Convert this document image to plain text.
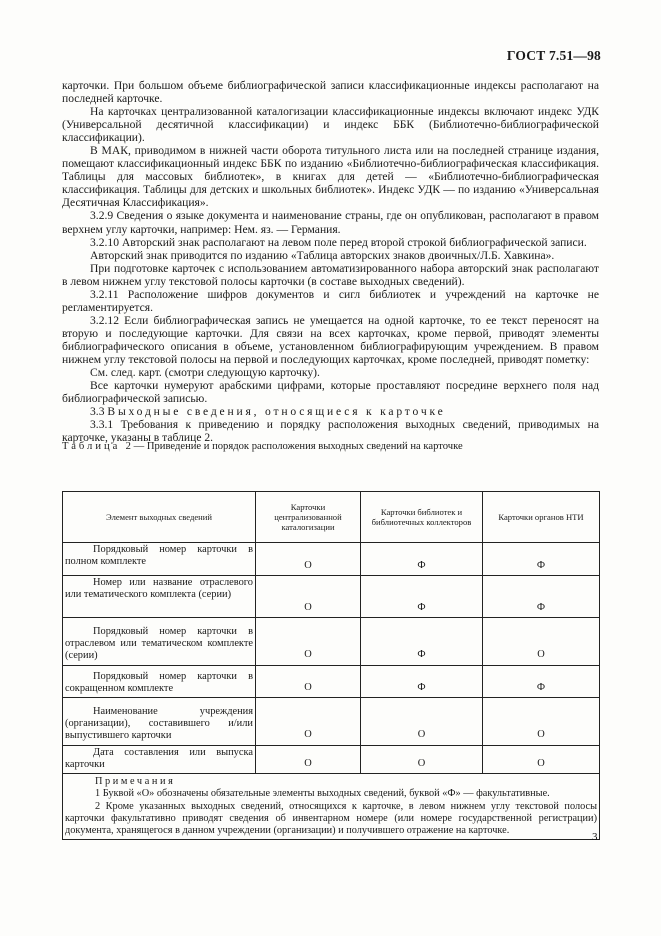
ГОСТ 7.51—98

карточки. При большом объеме библиографической записи классификационные индексы располагают на последней карточке.

На карточках централизованной каталогизации классификационные индексы включают индекс УДК (Универсальной десятичной классификации) и индекс ББК (Библиотечно-библиографической классификации).

В МАК, приводимом в нижней части оборота титульного листа или на последней странице издания, помещают классификационный индекс ББК по изданию «Библиотечно-библиографическая классификация. Таблицы для массовых библиотек», в книгах для детей — «Библиотечно-библиографическая классификация. Таблицы для детских и школьных библиотек». Индекс УДК — по изданию «Универсальная Десятичная Классификация».

3.2.9 Сведения о языке документа и наименование страны, где он опубликован, располагают в правом верхнем углу карточки, например: Нем. яз. — Германия.

3.2.10 Авторский знак располагают на левом поле перед второй строкой библиографической записи.

Авторский знак приводится по изданию «Таблица авторских знаков двоичных/Л.Б. Хавкина».

При подготовке карточек с использованием автоматизированного набора авторский знак располагают в левом нижнем углу текстовой полосы карточки (в составе выходных сведений).

3.2.11 Расположение шифров документов и сигл библиотек и учреждений на карточке не регламентируется.

3.2.12 Если библиографическая запись не умещается на одной карточке, то ее текст переносят на вторую и последующие карточки. Для связи на всех карточках, кроме первой, приводят элементы библиографического описания в объеме, установленном библиографирующим учреждением. В правом нижнем углу текстовой полосы на первой и последующих карточках, кроме последней, приводят пометку:

См. след. карт. (смотри следующую карточку).

Все карточки нумеруют арабскими цифрами, которые проставляют посредине верхнего поля над библиографической записью.

3.3 Выходные сведения, относящиеся к карточке

3.3.1 Требования к приведению и порядку расположения выходных сведений, приводимых на карточке, указаны в таблице 2.

Таблица 2 — Приведение и порядок расположения выходных сведений на карточке
Элемент выходных сведений	Карточки централизованной каталогизации	Карточки библиотек и библиотечных коллекторов	Карточки органов НТИ
Порядковый номер карточки в полном комплекте	О	Ф	Ф
Номер или название отраслевого или тематического комплекта (серии)	О	Ф	Ф
Порядковый номер карточки в отраслевом или тематическом комплекте (серии)	О	Ф	О
Порядковый номер карточки в сокращенном комплекте	О	Ф	Ф
Наименование учреждения (организации), составившего и/или выпустившего карточки	О	О	О
Дата составления или выпуска карточки	О	О	О

Примечания

1 Буквой «О» обозначены обязательные элементы выходных сведений, буквой «Ф» — факультативные.

2 Кроме указанных выходных сведений, относящихся к карточке, в левом нижнем углу текстовой полосы карточки факультативно приводят сведения об инвентарном номере (или номере государственной регистрации) документа, хранящегося в данном учреждении (организации) и получившего отражение на карточке.			

3
